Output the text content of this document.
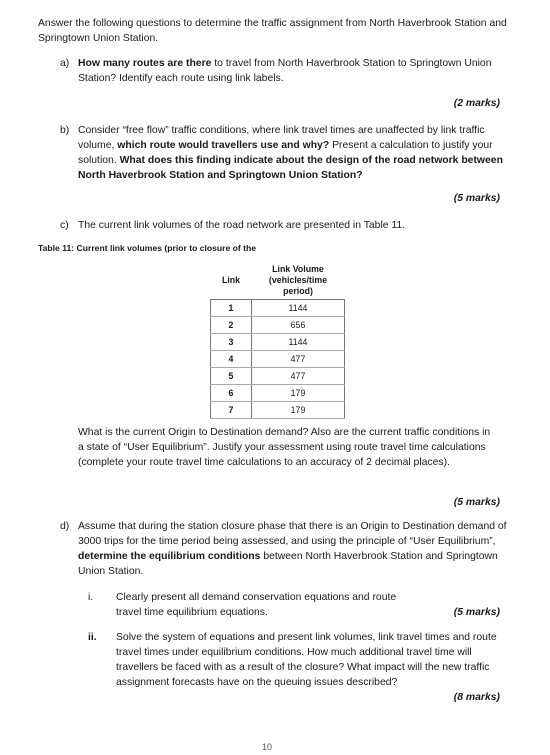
Answer the following questions to determine the traffic assignment from North Haverbrook Station and Springtown Union Station.
a) How many routes are there to travel from North Haverbrook Station to Springtown Union Station? Identify each route using link labels.
(2 marks)
b) Consider “free flow” traffic conditions, where link travel times are unaffected by link traffic volume, which route would travellers use and why? Present a calculation to justify your solution. What does this finding indicate about the design of the road network between North Haverbrook Station and Springtown Union Station?
(5 marks)
c) The current link volumes of the road network are presented in Table 11.
Table 11: Current link volumes (prior to closure of the
Link	Link Volume (vehicles/time period)
1	1144
2	656
3	1144
4	477
5	477
6	179
7	179
What is the current Origin to Destination demand? Also are the current traffic conditions in a state of “User Equilibrium”. Justify your assessment using route travel time calculations (complete your route travel time calculations to an accuracy of 2 decimal places).
(5 marks)
d) Assume that during the station closure phase that there is an Origin to Destination demand of 3000 trips for the time period being assessed, and using the principle of “User Equilibrium”, determine the equilibrium conditions between North Haverbrook Station and Springtown Union Station.
i. Clearly present all demand conservation equations and route travel time equilibrium equations.	(5 marks)
ii. Solve the system of equations and present link volumes, link travel times and route travel times under equilibrium conditions. How much additional travel time will travellers be faced with as a result of the closure? What impact will the new traffic assignment forecasts have on the queuing issues described?
(8 marks)
10
